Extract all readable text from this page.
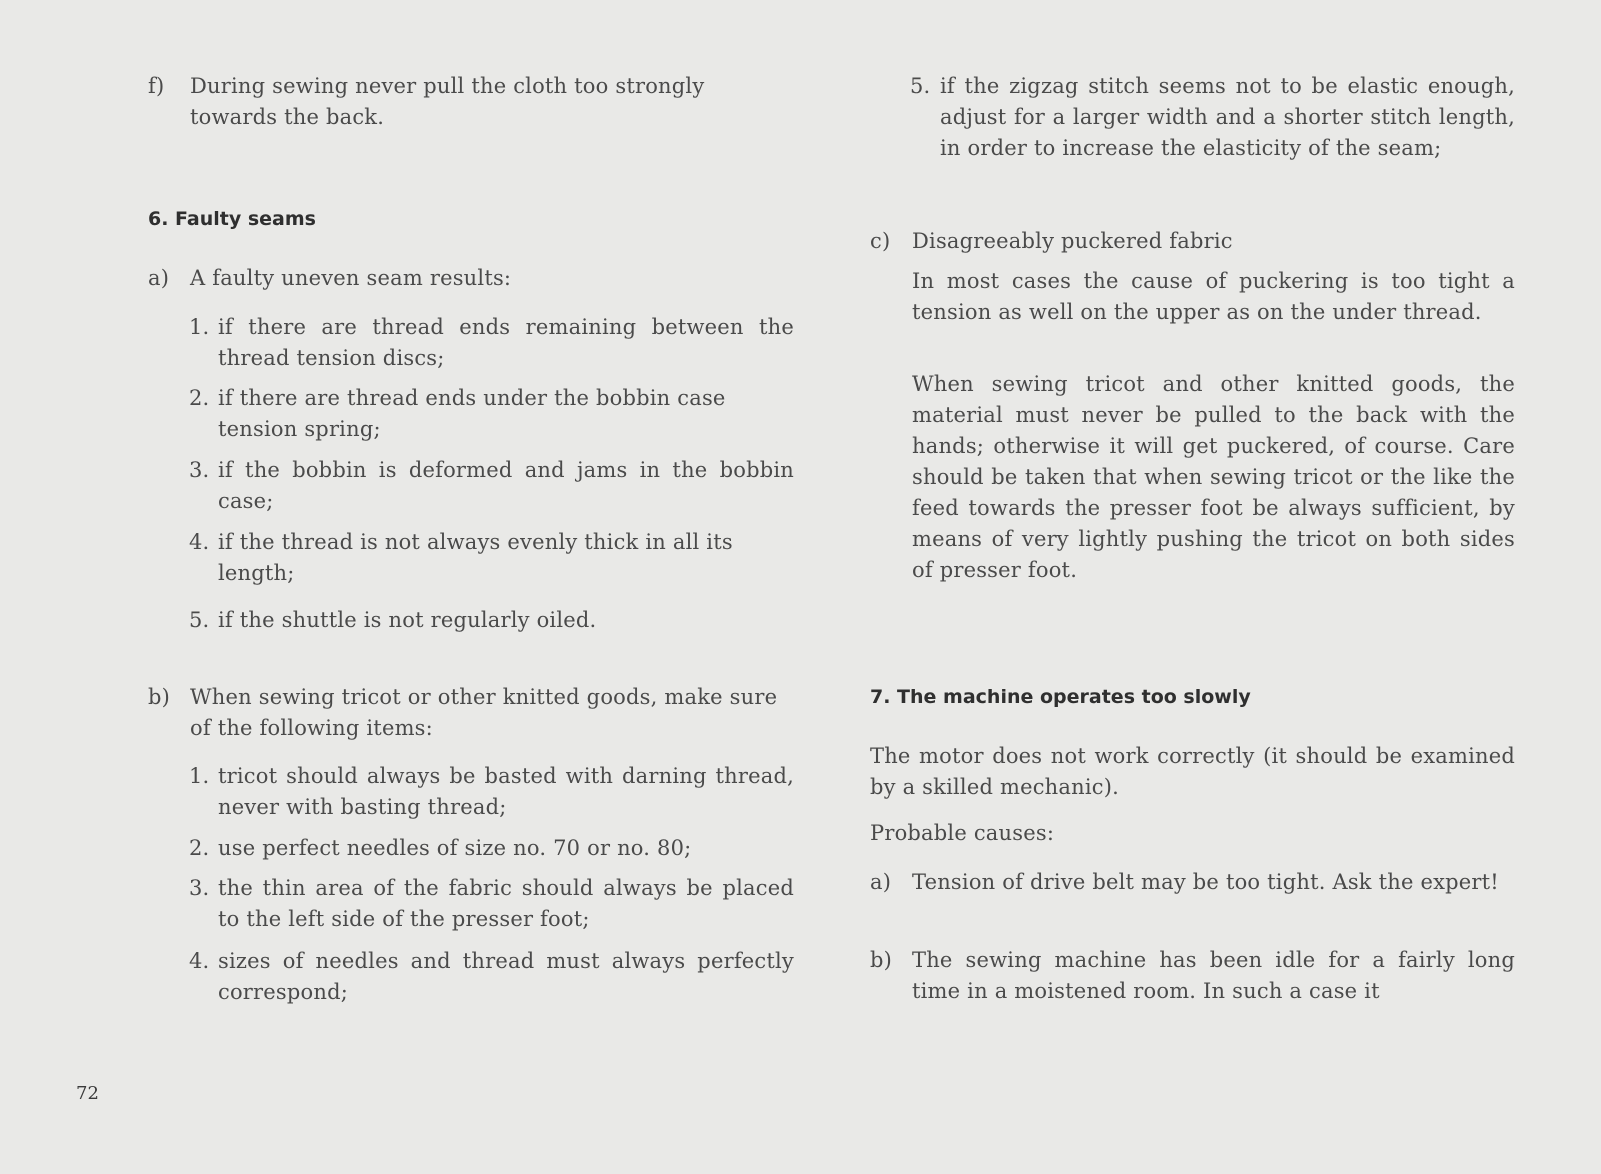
f) During sewing never pull the cloth too strongly towards the back.
6. Faulty seams
a) A faulty uneven seam results:
1. if there are thread ends remaining between the thread tension discs;
2. if there are thread ends under the bobbin case tension spring;
3. if the bobbin is deformed and jams in the bobbin case;
4. if the thread is not always evenly thick in all its length;
5. if the shuttle is not regularly oiled.
b) When sewing tricot or other knitted goods, make sure of the following items:
1. tricot should always be basted with darning thread, never with basting thread;
2. use perfect needles of size no. 70 or no. 80;
3. the thin area of the fabric should always be placed to the left side of the presser foot;
4. sizes of needles and thread must always perfectly correspond;
72
5. if the zigzag stitch seems not to be elastic enough, adjust for a larger width and a shorter stitch length, in order to increase the elasticity of the seam;
c) Disagreeably puckered fabric
In most cases the cause of puckering is too tight a tension as well on the upper as on the under thread.
When sewing tricot and other knitted goods, the material must never be pulled to the back with the hands; otherwise it will get puckered, of course. Care should be taken that when sewing tricot or the like the feed towards the presser foot be always sufficient, by means of very lightly pushing the tricot on both sides of presser foot.
7. The machine operates too slowly
The motor does not work correctly (it should be examined by a skilled mechanic).
Probable causes:
a) Tension of drive belt may be too tight. Ask the expert!
b) The sewing machine has been idle for a fairly long time in a moistened room. In such a case it
